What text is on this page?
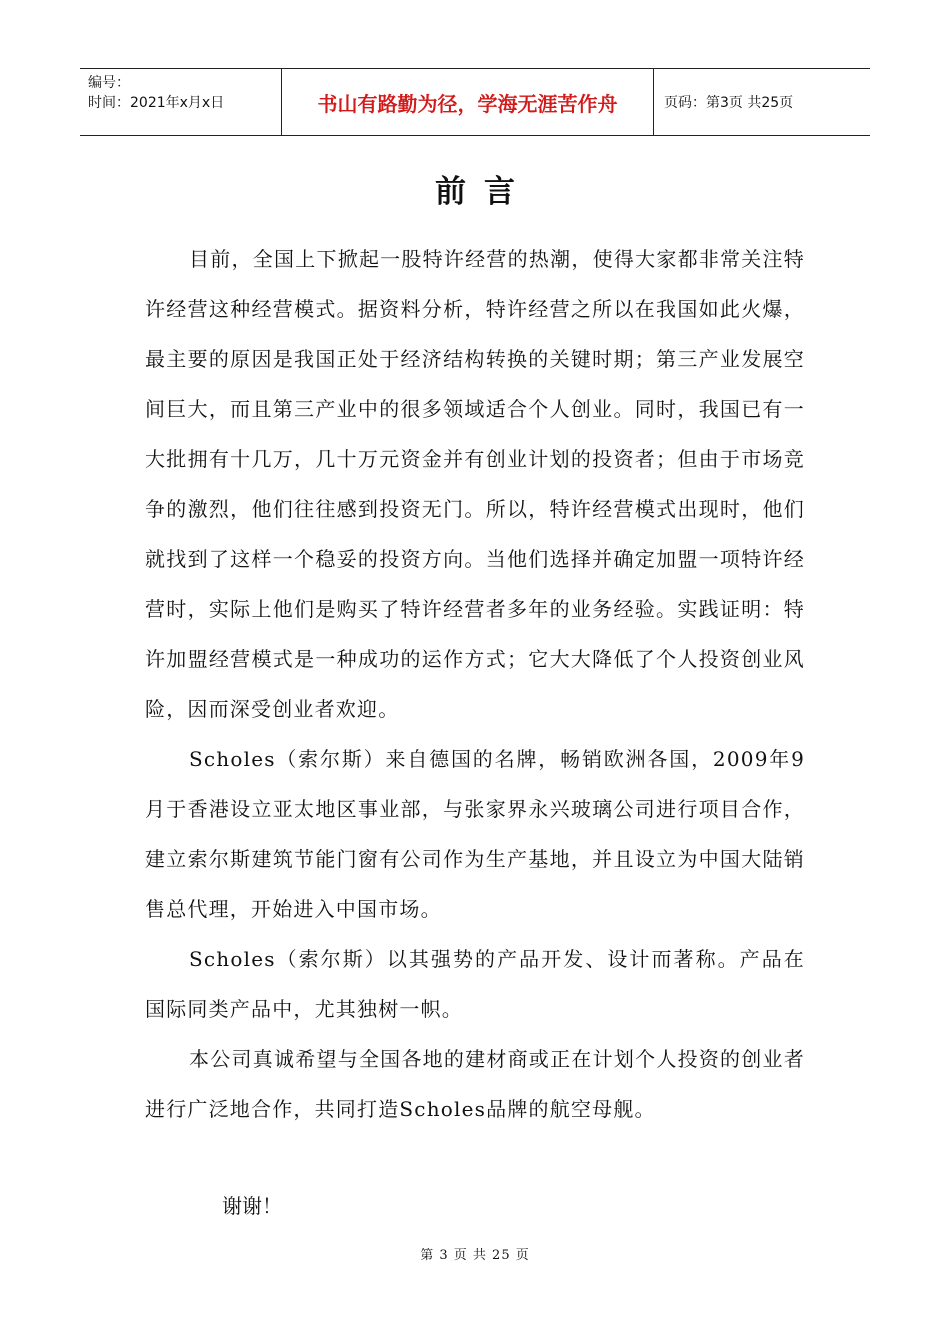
编号：
时间：2021年x月x日	书山有路勤为径，学海无涯苦作舟	页码：第3页 共25页
前言

目前，全国上下掀起一股特许经营的热潮，使得大家都非常关注特许经营这种经营模式。据资料分析，特许经营之所以在我国如此火爆，最主要的原因是我国正处于经济结构转换的关键时期；第三产业发展空间巨大，而且第三产业中的很多领域适合个人创业。同时，我国已有一大批拥有十几万，几十万元资金并有创业计划的投资者；但由于市场竞争的激烈，他们往往感到投资无门。所以，特许经营模式出现时，他们就找到了这样一个稳妥的投资方向。当他们选择并确定加盟一项特许经营时，实际上他们是购买了特许经营者多年的业务经验。实践证明：特许加盟经营模式是一种成功的运作方式；它大大降低了个人投资创业风险，因而深受创业者欢迎。

Scholes（索尔斯）来自德国的名牌，畅销欧洲各国，2009年9月于香港设立亚太地区事业部，与张家界永兴玻璃公司进行项目合作，建立索尔斯建筑节能门窗有公司作为生产基地，并且设立为中国大陆销售总代理，开始进入中国市场。

Scholes（索尔斯）以其强势的产品开发、设计而著称。产品在国际同类产品中，尤其独树一帜。

本公司真诚希望与全国各地的建材商或正在计划个人投资的创业者进行广泛地合作，共同打造Scholes品牌的航空母舰。

谢谢！
第 3 页 共 25 页
